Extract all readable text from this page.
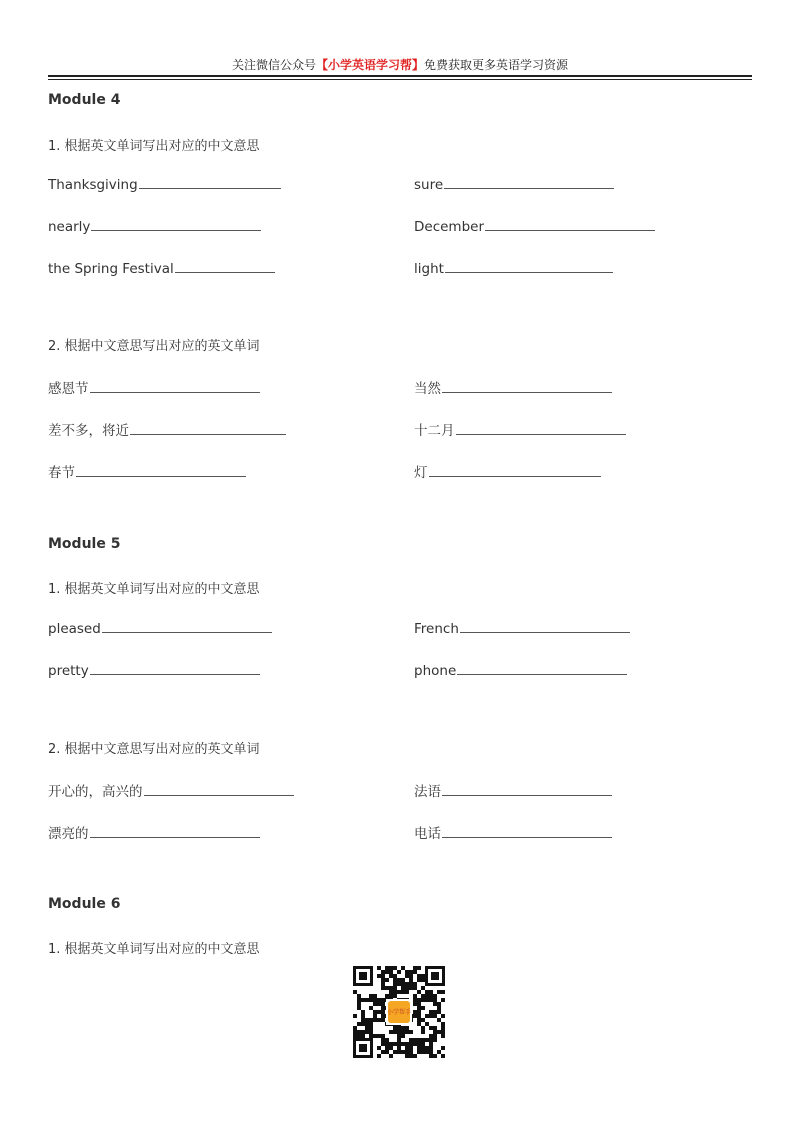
关注微信公众号【小学英语学习帮】免费获取更多英语学习资源
Module 4
1. 根据英文单词写出对应的中文意思
Thanksgiving	sure
nearly	December
the Spring Festival	light
2. 根据中文意思写出对应的英文单词
感恩节	当然
差不多，将近	十二月
春节	灯
Module 5
1. 根据英文单词写出对应的中文意思
pleased	French
pretty	phone
2. 根据中文意思写出对应的英文单词
开心的，高兴的	法语
漂亮的	电话
Module 6
1. 根据英文单词写出对应的中文意思
小学帮手
